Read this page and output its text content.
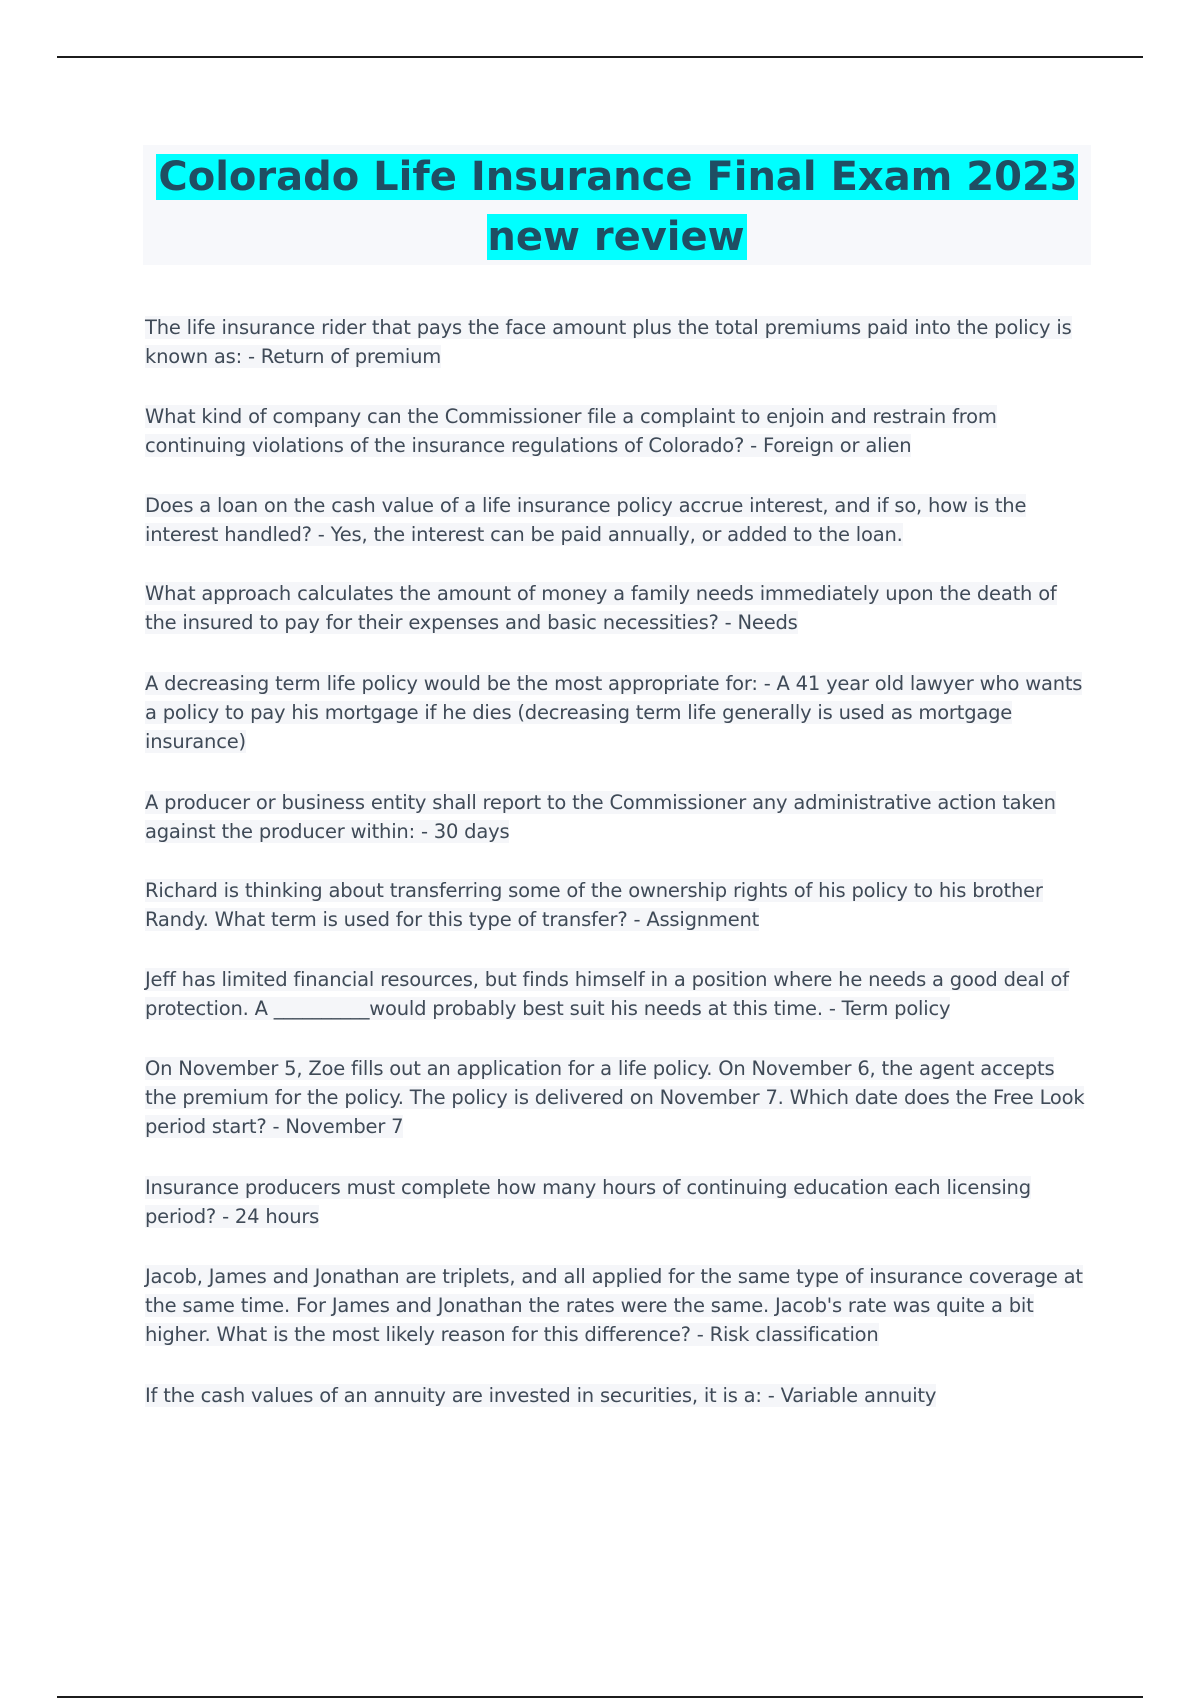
Colorado Life Insurance Final Exam 2023 new review

The life insurance rider that pays the face amount plus the total premiums paid into the policy is known as: - Return of premium

What kind of company can the Commissioner file a complaint to enjoin and restrain from continuing violations of the insurance regulations of Colorado? - Foreign or alien

Does a loan on the cash value of a life insurance policy accrue interest, and if so, how is the interest handled? - Yes, the interest can be paid annually, or added to the loan.

What approach calculates the amount of money a family needs immediately upon the death of the insured to pay for their expenses and basic necessities? - Needs

A decreasing term life policy would be the most appropriate for: - A 41 year old lawyer who wants a policy to pay his mortgage if he dies (decreasing term life generally is used as mortgage insurance)

A producer or business entity shall report to the Commissioner any administrative action taken against the producer within: - 30 days

Richard is thinking about transferring some of the ownership rights of his policy to his brother Randy. What term is used for this type of transfer? - Assignment

Jeff has limited financial resources, but finds himself in a position where he needs a good deal of protection. A __________would probably best suit his needs at this time. - Term policy

On November 5, Zoe fills out an application for a life policy. On November 6, the agent accepts the premium for the policy. The policy is delivered on November 7. Which date does the Free Look period start? - November 7

Insurance producers must complete how many hours of continuing education each licensing period? - 24 hours

Jacob, James and Jonathan are triplets, and all applied for the same type of insurance coverage at the same time. For James and Jonathan the rates were the same. Jacob's rate was quite a bit higher. What is the most likely reason for this difference? - Risk classification

If the cash values of an annuity are invested in securities, it is a: - Variable annuity
